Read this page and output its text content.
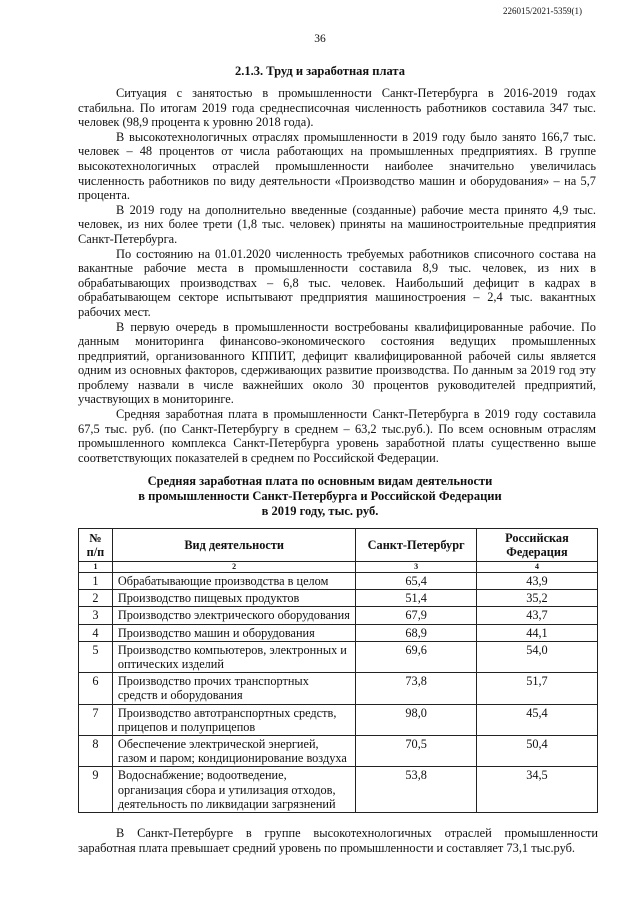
226015/2021-5359(1)
36
2.1.3. Труд и заработная плата

Ситуация с занятостью в промышленности Санкт-Петербурга в 2016-2019 годах стабильна. По итогам 2019 года среднесписочная численность работников составила 347 тыс. человек (98,9 процента к уровню 2018 года).

В высокотехнологичных отраслях промышленности в 2019 году было занято 166,7 тыс. человек – 48 процентов от числа работающих на промышленных предприятиях. В группе высокотехнологичных отраслей промышленности наиболее значительно увеличилась численность работников по виду деятельности «Производство машин и оборудования» – на 5,7 процента.

В 2019 году на дополнительно введенные (созданные) рабочие места принято 4,9 тыс. человек, из них более трети (1,8 тыс. человек) приняты на машиностроительные предприятия Санкт-Петербурга.

По состоянию на 01.01.2020 численность требуемых работников списочного состава на вакантные рабочие места в промышленности составила 8,9 тыс. человек, из них в обрабатывающих производствах – 6,8 тыс. человек. Наибольший дефицит в кадрах в обрабатывающем секторе испытывают предприятия машиностроения – 2,4 тыс. вакантных рабочих мест.

В первую очередь в промышленности востребованы квалифицированные рабочие. По данным мониторинга финансово-экономического состояния ведущих промышленных предприятий, организованного КППИТ, дефицит квалифицированной рабочей силы является одним из основных факторов, сдерживающих развитие производства. По данным за 2019 год эту проблему назвали в числе важнейших около 30 процентов руководителей предприятий, участвующих в мониторинге.

Средняя заработная плата в промышленности Санкт-Петербурга в 2019 году составила 67,5 тыс. руб. (по Санкт-Петербургу в среднем – 63,2 тыс.руб.). По всем основным отраслям промышленного комплекса Санкт-Петербурга уровень заработной платы существенно выше соответствующих показателей в среднем по Российской Федерации.

Средняя заработная плата по основным видам деятельности
в промышленности Санкт-Петербурга и Российской Федерации
в 2019 году, тыс. руб.
№ п/п	Вид деятельности	Санкт-Петербург	Российская Федерация
1	2	3	4
1	Обрабатывающие производства в целом	65,4	43,9
2	Производство пищевых продуктов	51,4	35,2
3	Производство электрического оборудования	67,9	43,7
4	Производство машин и оборудования	68,9	44,1
5	Производство компьютеров, электронных и оптических изделий	69,6	54,0
6	Производство прочих транспортных средств и оборудования	73,8	51,7
7	Производство автотранспортных средств, прицепов и полуприцепов	98,0	45,4
8	Обеспечение электрической энергией, газом и паром; кондиционирование воздуха	70,5	50,4
9	Водоснабжение; водоотведение, организация сбора и утилизация отходов, деятельность по ликвидации загрязнений	53,8	34,5

В Санкт-Петербурге в группе высокотехнологичных отраслей промышленности заработная плата превышает средний уровень по промышленности и составляет 73,1 тыс.руб.
